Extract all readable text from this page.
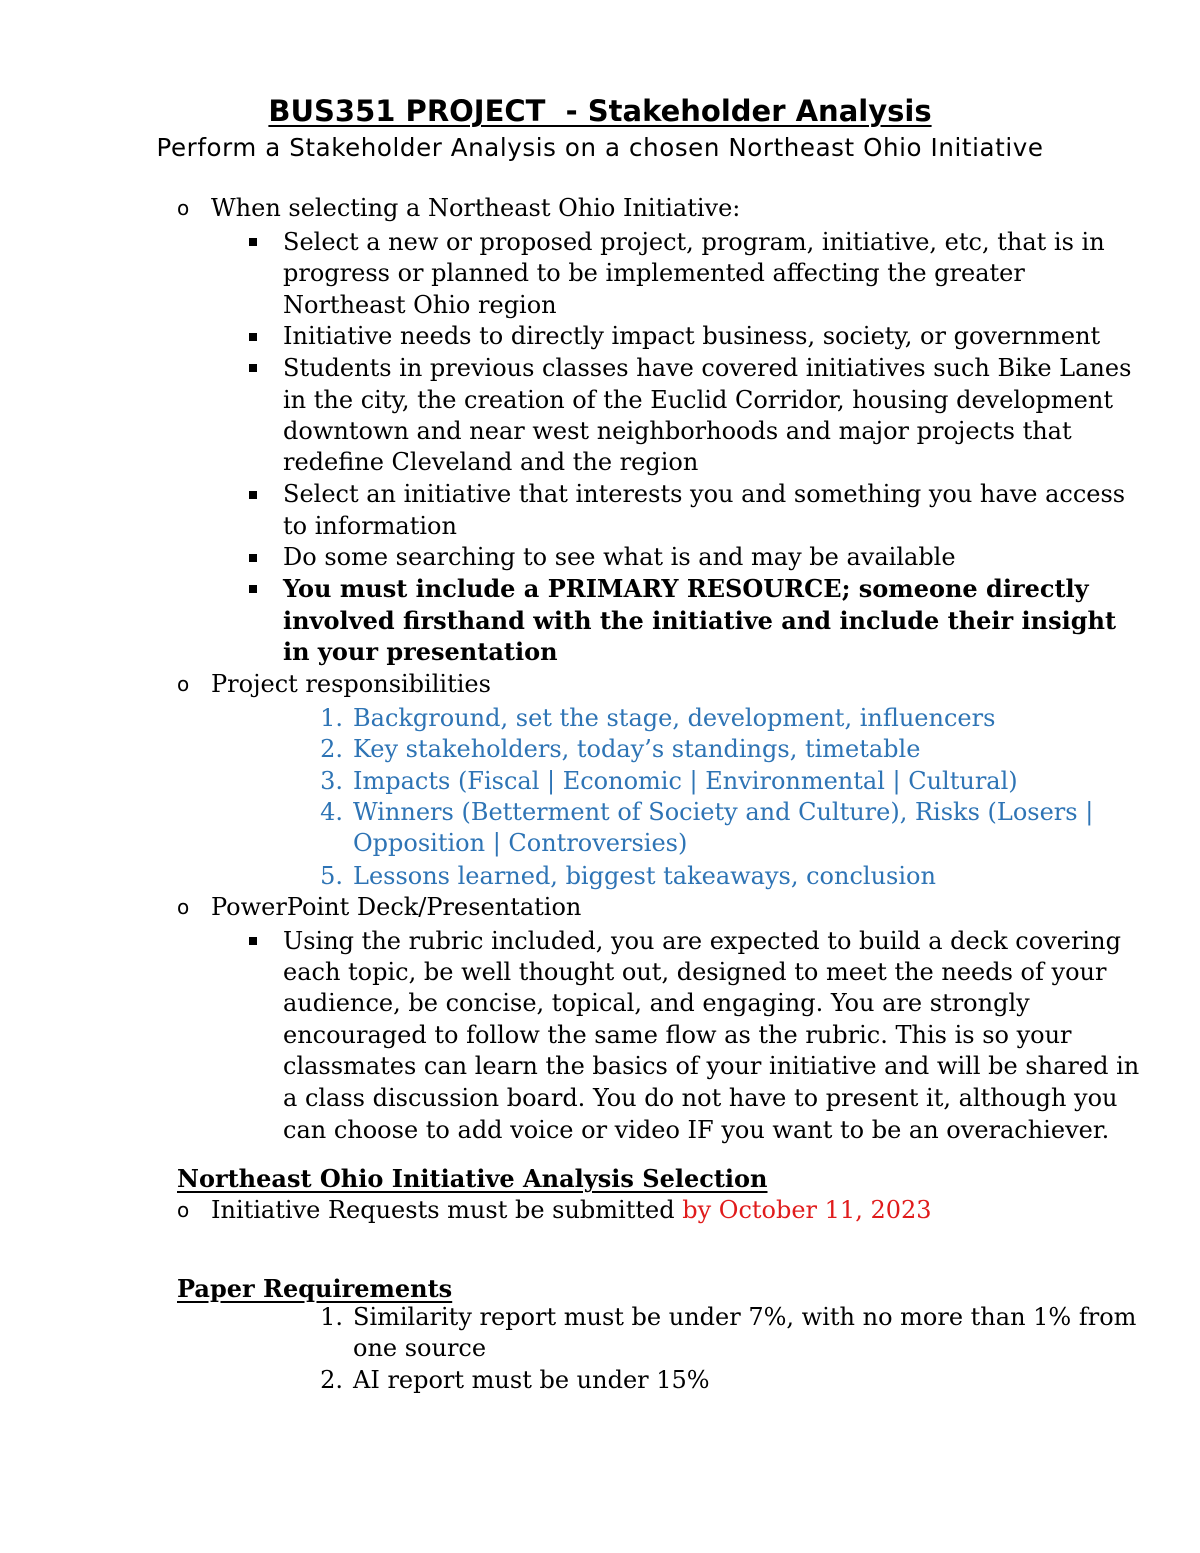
BUS351 PROJECT  - Stakeholder Analysis
Perform a Stakeholder Analysis on a chosen Northeast Ohio Initiative
o When selecting a Northeast Ohio Initiative:
Select a new or proposed project, program, initiative, etc, that is in
progress or planned to be implemented affecting the greater
Northeast Ohio region
Initiative needs to directly impact business, society, or government
Students in previous classes have covered initiatives such Bike Lanes
in the city, the creation of the Euclid Corridor, housing development
downtown and near west neighborhoods and major projects that
redefine Cleveland and the region
Select an initiative that interests you and something you have access
to information
Do some searching to see what is and may be available
You must include a PRIMARY RESOURCE; someone directly
involved firsthand with the initiative and include their insight
in your presentation
o Project responsibilities
1. Background, set the stage, development, influencers
2. Key stakeholders, today’s standings, timetable
3. Impacts (Fiscal | Economic | Environmental | Cultural)
4. Winners (Betterment of Society and Culture), Risks (Losers |
Opposition | Controversies)
5. Lessons learned, biggest takeaways, conclusion
o PowerPoint Deck/Presentation
Using the rubric included, you are expected to build a deck covering
each topic, be well thought out, designed to meet the needs of your
audience, be concise, topical, and engaging. You are strongly
encouraged to follow the same flow as the rubric. This is so your
classmates can learn the basics of your initiative and will be shared in
a class discussion board. You do not have to present it, although you
can choose to add voice or video IF you want to be an overachiever.
Northeast Ohio Initiative Analysis Selection
o Initiative Requests must be submitted by October 11, 2023
Paper Requirements
1. Similarity report must be under 7%, with no more than 1% from
one source
2. AI report must be under 15%
